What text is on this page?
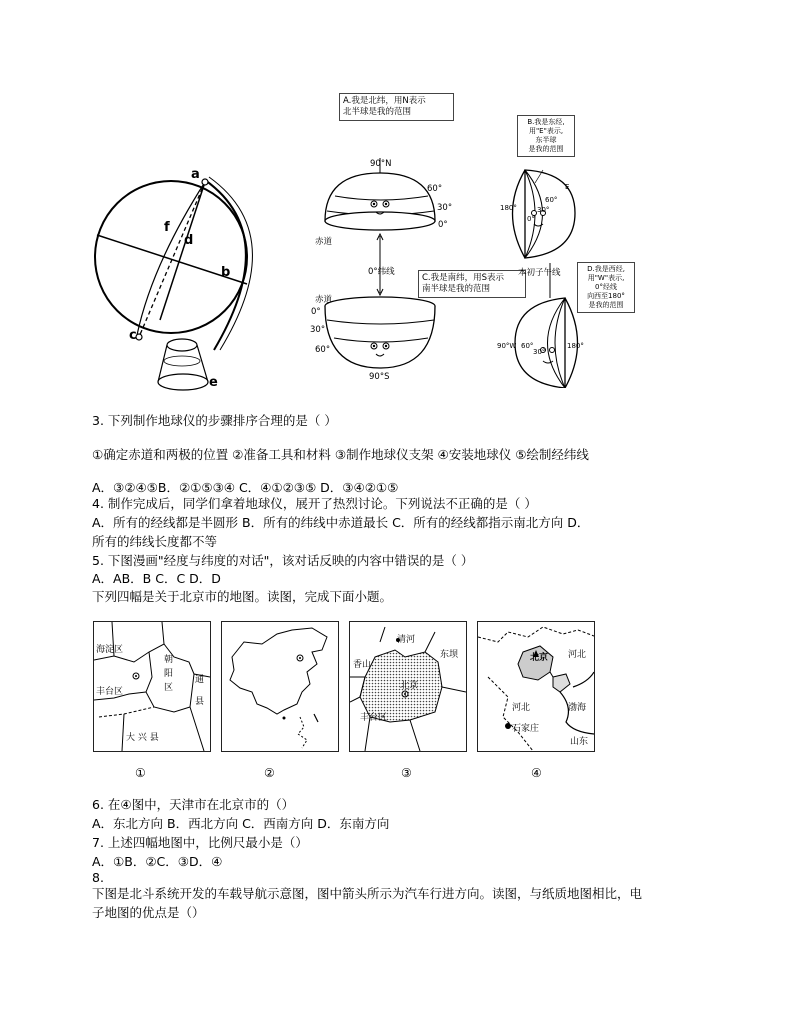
a
f
d
b
c
e
A.我是北纬，用N表示
北半球是我的范围
B.我是东经,
用"E"表示,
东半球
是我的范围
C.我是南纬，用S表示
南半球是我的范围
D.我是西经,
用"W"表示,
0°经线
向西至180°
是我的范围
90°N
60°
30°
0°
赤道
0°纬线
赤道
0°
30°
60°
90°S
E
180°
60°
30°
0°
本初子午线
90°W 60°
30°
180°
3. 下列制作地球仪的步骤排序合理的是（ ）
①确定赤道和两极的位置 ②准备工具和材料 ③制作地球仪支架 ④安装地球仪 ⑤绘制经纬线
A．③②④⑤B．②①⑤③④ C．④①②③⑤ D．③④②①⑤
4. 制作完成后，同学们拿着地球仪，展开了热烈讨论。下列说法不正确的是（ ）
A．所有的经线都是半圆形 B．所有的纬线中赤道最长 C．所有的经线都指示南北方向 D．
所有的纬线长度都不等
5. 下图漫画"经度与纬度的对话"，该对话反映的内容中错误的是（ ）
A．AB．B C．C D．D
下列四幅是关于北京市的地图。读图，完成下面小题。
海淀区
朝
阳
区
通
县
丰台区
大 兴 县
清河
东坝
香山
北京
丰台区
北京 河北
河北	渤海
石家庄
山东
①	②	③	④
6. 在④图中，天津市在北京市的（）
A．东北方向 B．西北方向 C．西南方向 D．东南方向
7. 上述四幅地图中，比例尺最小是（）
A．①B．②C．③D．④
8.
下图是北斗系统开发的车载导航示意图，图中箭头所示为汽车行进方向。读图，与纸质地图相比，电
子地图的优点是（）
